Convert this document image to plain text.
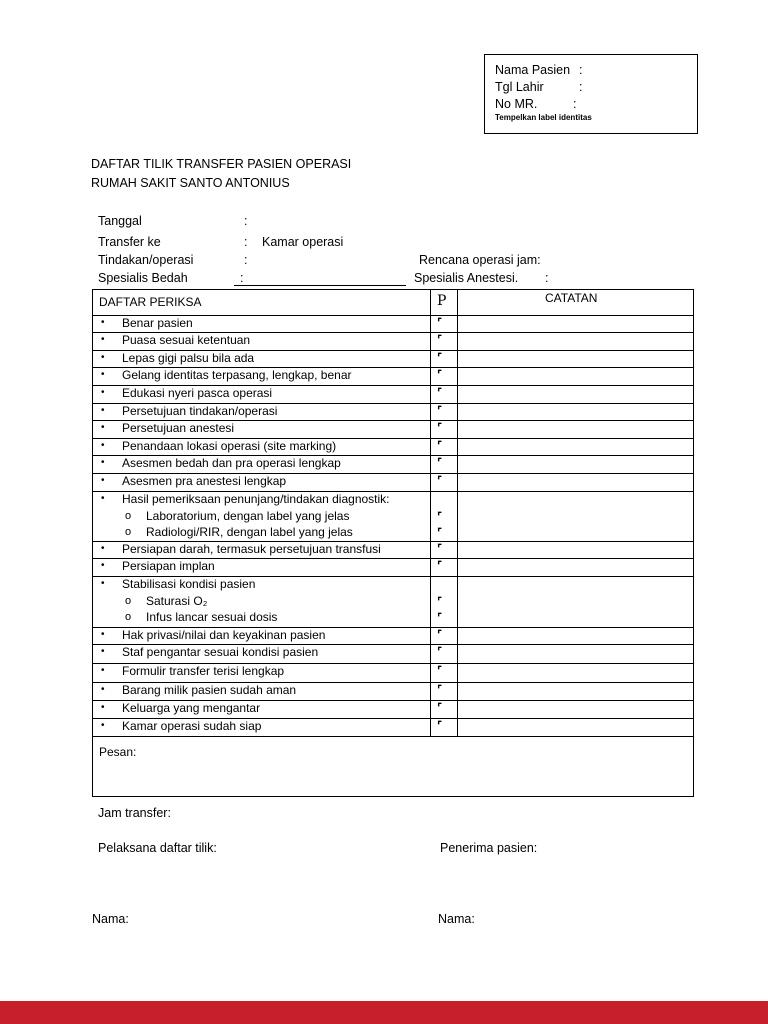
Nama Pasien :
Tgl Lahir	:
No MR.	:
Tempelkan label identitas
DAFTAR TILIK TRANSFER PASIEN OPERASI
RUMAH SAKIT SANTO ANTONIUS
Tanggal	:
Transfer ke	: Kamar operasi
Tindakan/operasi	:	Rencana operasi jam:
Spesialis Bedah	:	Spesialis Anestesi. :
DAFTAR PERIKSA	P	CATATAN
• Benar pasien	⌜
• Puasa sesuai ketentuan	⌜
• Lepas gigi palsu bila ada	⌜
• Gelang identitas terpasang, lengkap, benar	⌜
• Edukasi nyeri pasca operasi	⌜
• Persetujuan tindakan/operasi	⌜
• Persetujuan anestesi	⌜
• Penandaan lokasi operasi (site marking)	⌜
• Asesmen bedah dan pra operasi lengkap	⌜
• Asesmen pra anestesi lengkap	⌜
• Hasil pemeriksaan penunjang/tindakan diagnostik:
o Laboratorium, dengan label yang jelas	⌜
o Radiologi/RIR, dengan label yang jelas	⌜
• Persiapan darah, termasuk persetujuan transfusi	⌜
• Persiapan implan	⌜
• Stabilisasi kondisi pasien
o Saturasi O₂	⌜
o Infus lancar sesuai dosis	⌜
• Hak privasi/nilai dan keyakinan pasien	⌜
• Staf pengantar sesuai kondisi pasien	⌜
• Formulir transfer terisi lengkap	⌜
• Barang milik pasien sudah aman	⌜
• Keluarga yang mengantar	⌜
• Kamar operasi sudah siap	⌜
Pesan:
Jam transfer:
Pelaksana daftar tilik:	Penerima pasien:
Nama:	Nama:
